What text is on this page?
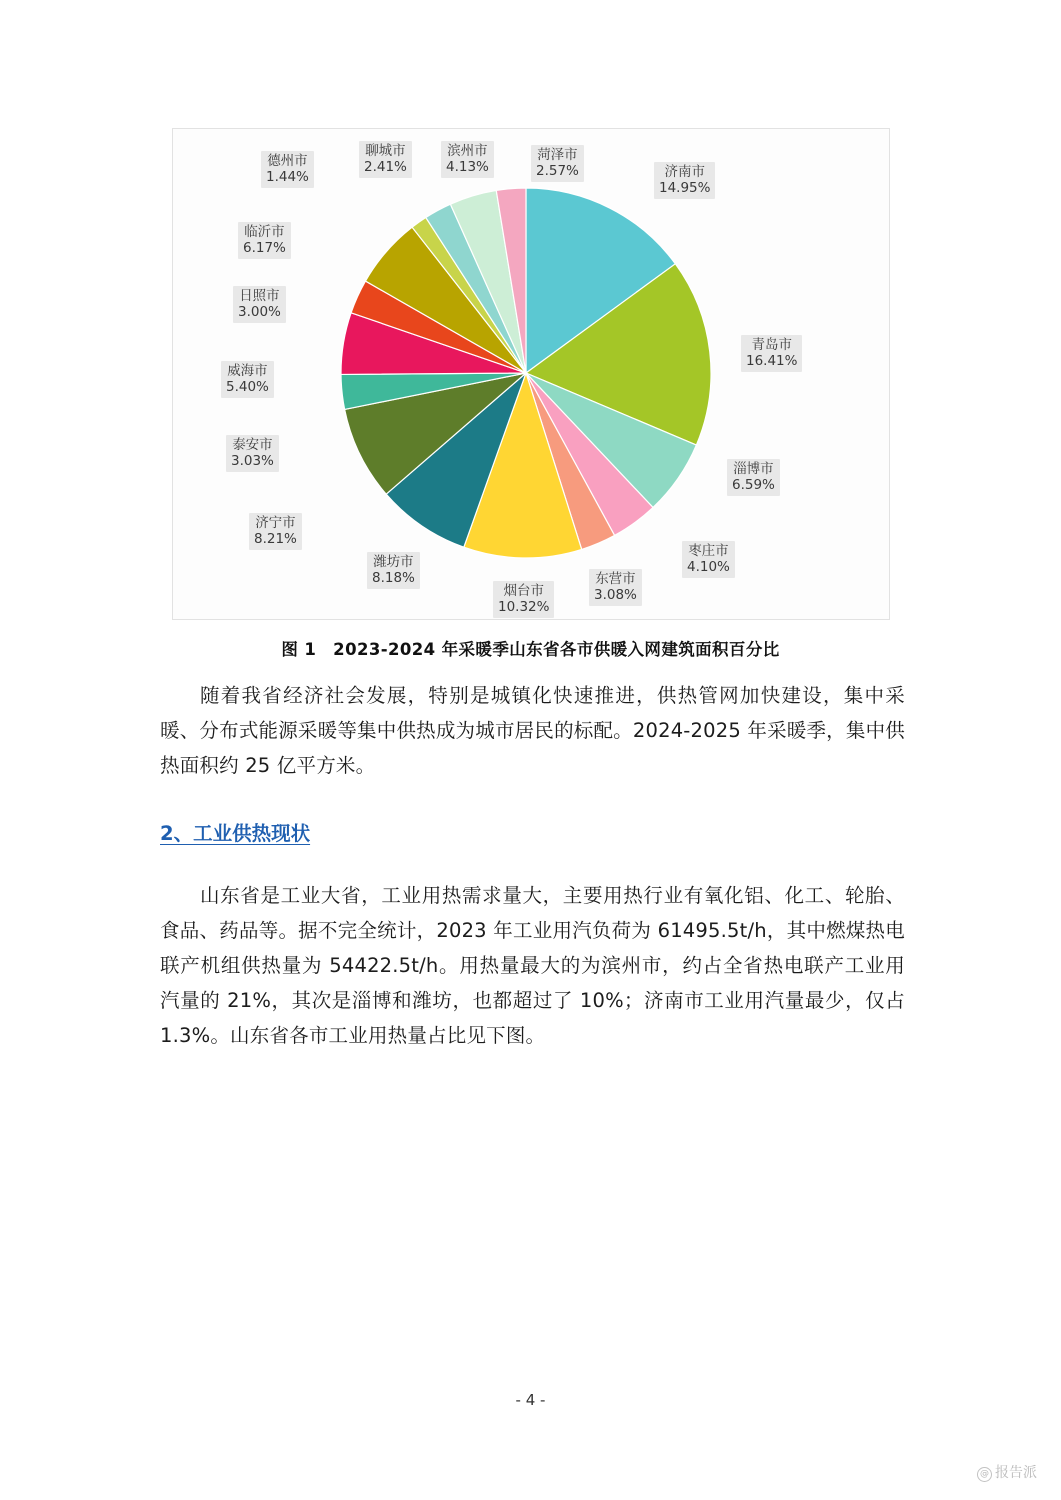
济南市
14.95%
青岛市
16.41%
淄博市
6.59%
枣庄市
4.10%
东营市
3.08%
烟台市
10.32%
潍坊市
8.18%
济宁市
8.21%
泰安市
3.03%
威海市
5.40%
日照市
3.00%
临沂市
6.17%
德州市
1.44%
聊城市
2.41%
滨州市
4.13%
菏泽市
2.57%
图 1　2023-2024 年采暖季山东省各市供暖入网建筑面积百分比
随着我省经济社会发展，特别是城镇化快速推进，供热管网加快建设，集中采暖、分布式能源采暖等集中供热成为城市居民的标配。2024-2025 年采暖季，集中供热面积约 25 亿平方米。
2、工业供热现状
山东省是工业大省，工业用热需求量大，主要用热行业有氧化铝、化工、轮胎、食品、药品等。据不完全统计，2023 年工业用汽负荷为 61495.5t/h，其中燃煤热电联产机组供热量为 54422.5t/h。用热量最大的为滨州市，约占全省热电联产工业用汽量的 21%，其次是淄博和潍坊，也都超过了 10%；济南市工业用汽量最少，仅占 1.3%。山东省各市工业用热量占比见下图。
- 4 -
@ 报告派
